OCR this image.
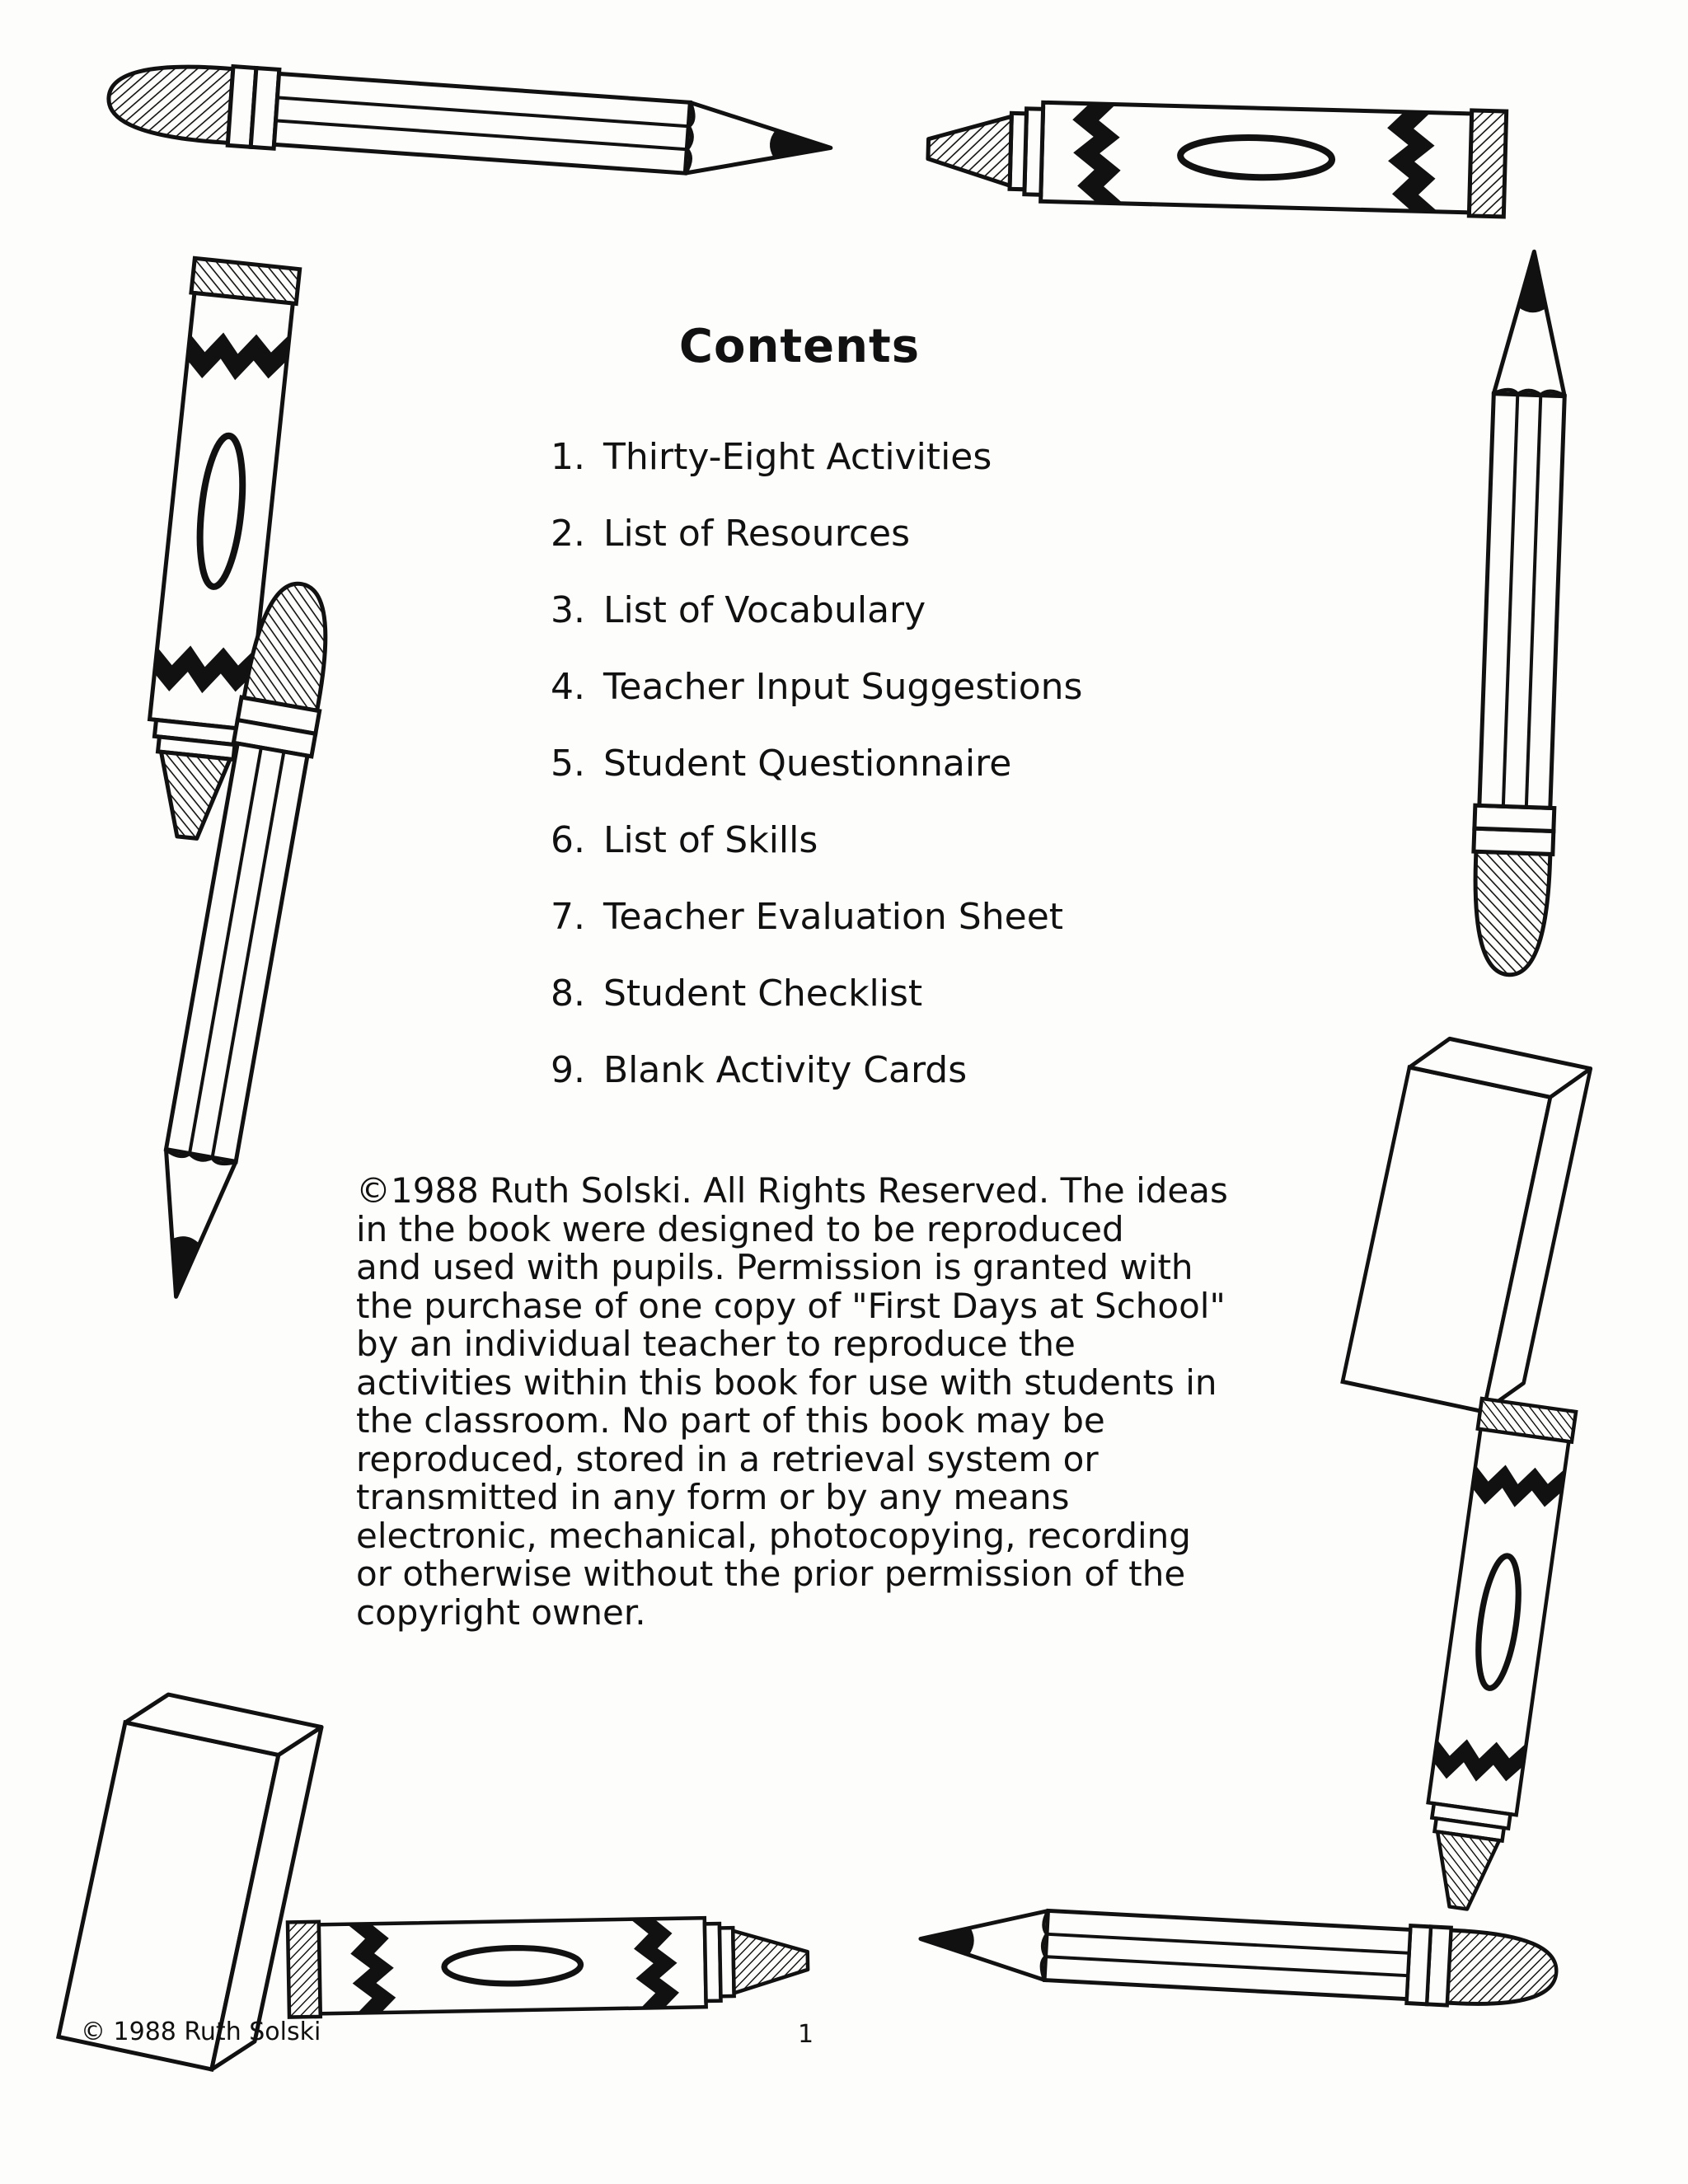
Contents
1. Thirty-Eight Activities
2. List of Resources
3. List of Vocabulary
4. Teacher Input Suggestions
5. Student Questionnaire
6. List of Skills
7. Teacher Evaluation Sheet
8. Student Checklist
9. Blank Activity Cards

©1988 Ruth Solski. All Rights Reserved. The ideas
in the book were designed to be reproduced
and used with pupils. Permission is granted with
the purchase of one copy of "First Days at School"
by an individual teacher to reproduce the
activities within this book for use with students in
the classroom. No part of this book may be
reproduced, stored in a retrieval system or
transmitted in any form or by any means
electronic, mechanical, photocopying, recording
or otherwise without the prior permission of the
copyright owner.

© 1988 Ruth Solski	1
